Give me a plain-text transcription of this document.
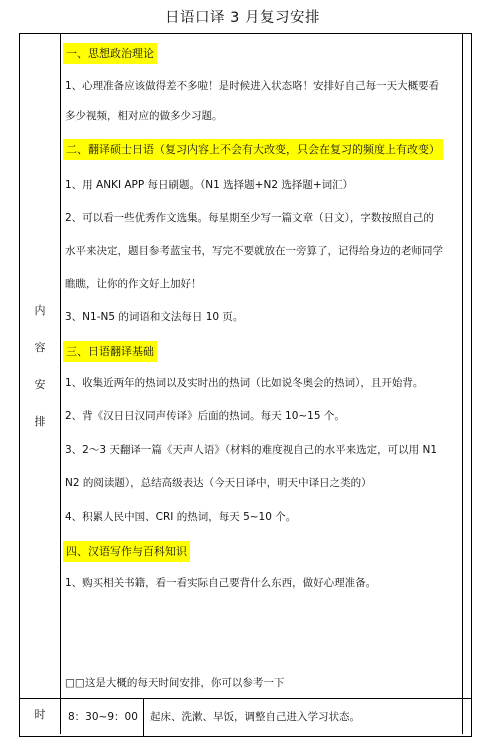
日语口译 3 月复习安排
内
容
安
排
时	8：30~9：00 起床、洗漱、早饭，调整自己进入学习状态。
一、思想政治理论
1、心理准备应该做得差不多啦！是时候进入状态咯！安排好自己每一天大概要看
多少视频，相对应的做多少习题。
二、翻译硕士日语（复习内容上不会有大改变，只会在复习的频度上有改变）
1、用 ANKI APP 每日刷题。（N1 选择题+N2 选择题+词汇）
2、可以看一些优秀作文选集。每星期至少写一篇文章（日文），字数按照自己的
水平来决定，题目参考蓝宝书，写完不要就放在一旁算了，记得给身边的老师同学
瞧瞧，让你的作文好上加好！
3、N1-N5 的词语和文法每日 10 页。
三、日语翻译基础
1、收集近两年的热词以及实时出的热词（比如说冬奥会的热词），且开始背。
2、背《汉日日汉同声传译》后面的热词。每天 10~15 个。
3、2～3 天翻译一篇《天声人语》（材料的难度视自己的水平来选定，可以用 N1
N2 的阅读题），总结高级表达（今天日译中，明天中译日之类的）
4、积累人民中国、CRI 的热词，每天 5~10 个。
四、汉语写作与百科知识
1、购买相关书籍，看一看实际自己要背什么东西，做好心理准备。
□□这是大概的每天时间安排，你可以参考一下
